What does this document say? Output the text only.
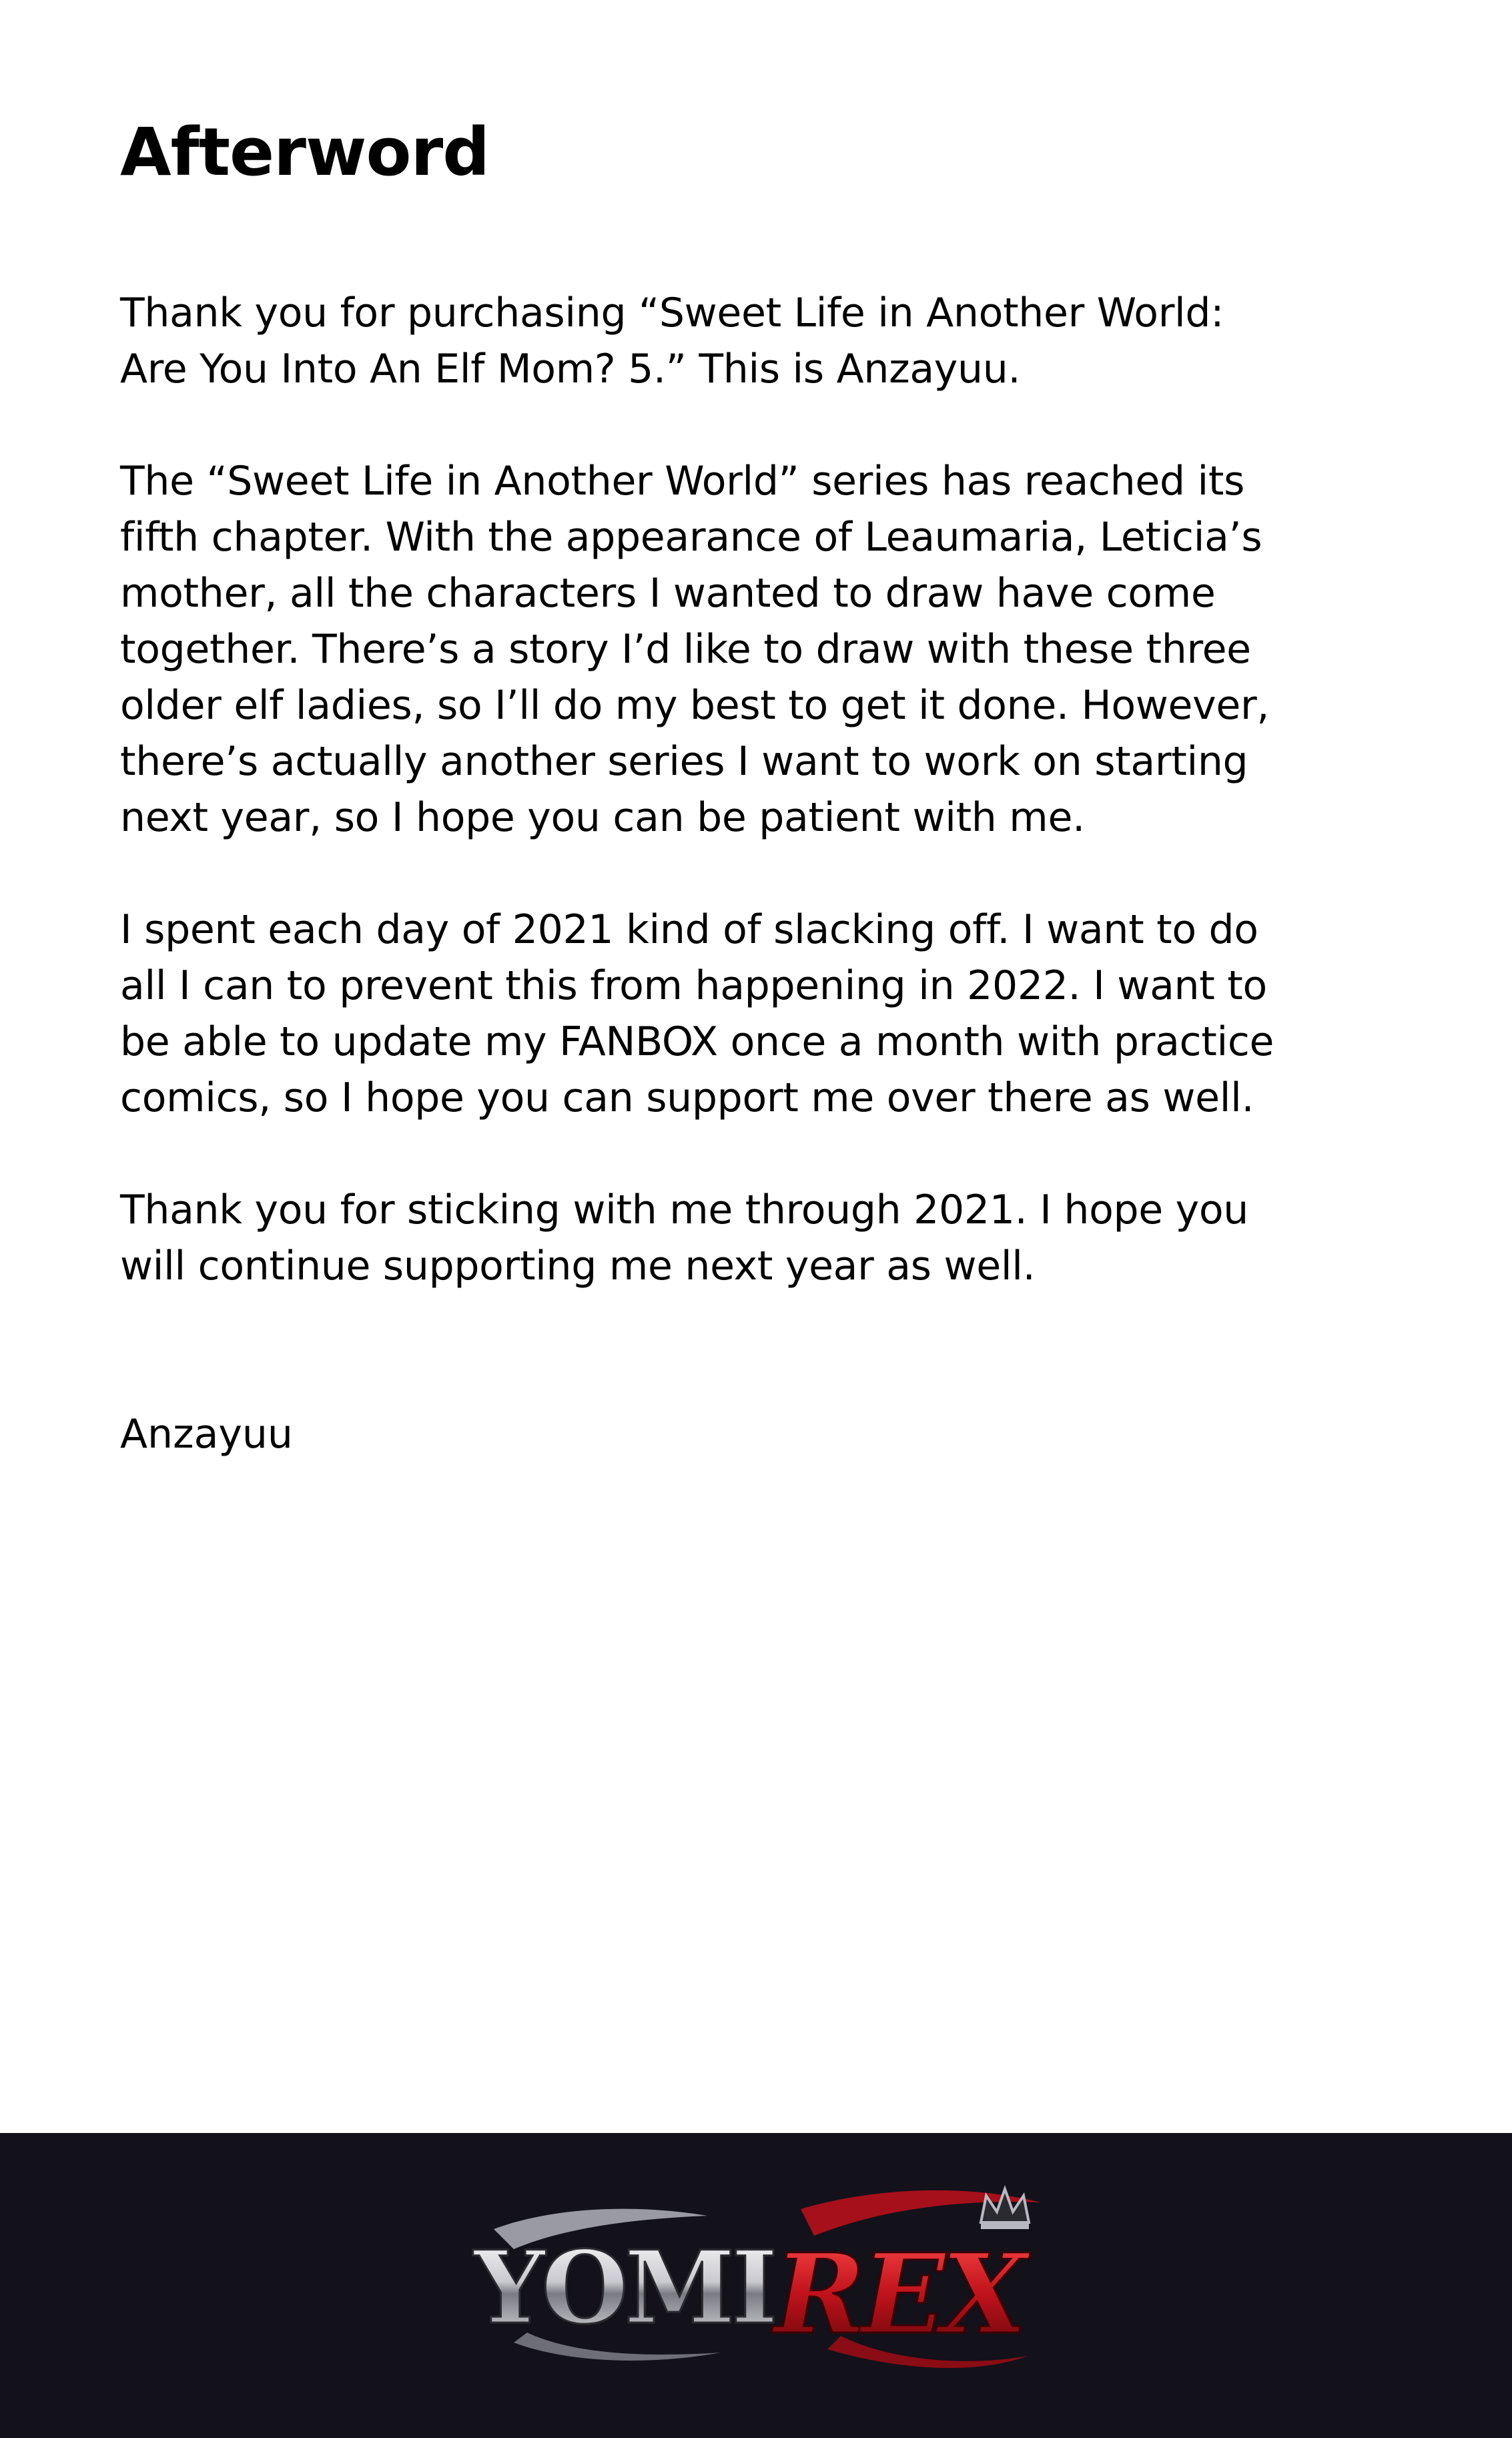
Afterword

Thank you for purchasing “Sweet Life in Another World:
Are You Into An Elf Mom? 5.” This is Anzayuu.

The “Sweet Life in Another World” series has reached its
fifth chapter. With the appearance of Leaumaria, Leticia’s
mother, all the characters I wanted to draw have come
together. There’s a story I’d like to draw with these three
older elf ladies, so I’ll do my best to get it done. However,
there’s actually another series I want to work on starting
next year, so I hope you can be patient with me.

I spent each day of 2021 kind of slacking off. I want to do
all I can to prevent this from happening in 2022. I want to
be able to update my FANBOX once a month with practice
comics, so I hope you can support me over there as well.

Thank you for sticking with me through 2021. I hope you
will continue supporting me next year as well.

Anzayuu
YOMI REX
